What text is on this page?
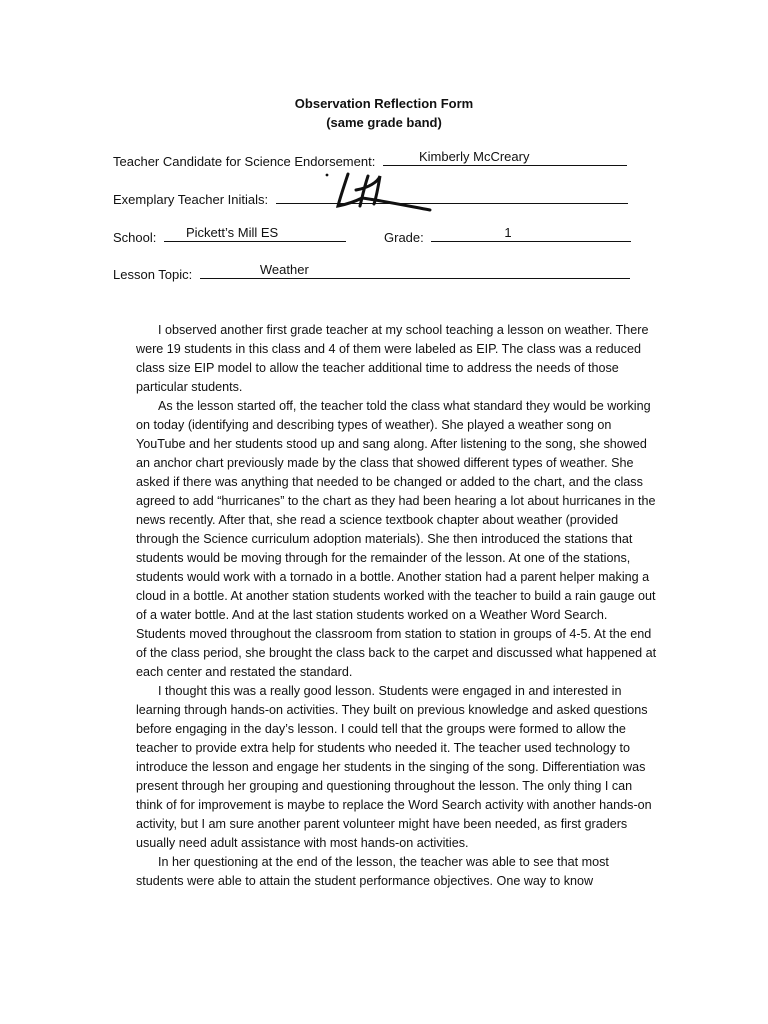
Observation Reflection Form
(same grade band)
Teacher Candidate for Science Endorsement:	Kimberly McCreary
Exemplary Teacher Initials:
School: Pickett’s Mill ES	Grade:	1
Lesson Topic:	Weather

I observed another first grade teacher at my school teaching a lesson on weather. There were 19 students in this class and 4 of them were labeled as EIP. The class was a reduced class size EIP model to allow the teacher additional time to address the needs of those particular students.

As the lesson started off, the teacher told the class what standard they would be working on today (identifying and describing types of weather). She played a weather song on YouTube and her students stood up and sang along. After listening to the song, she showed an anchor chart previously made by the class that showed different types of weather. She asked if there was anything that needed to be changed or added to the chart, and the class agreed to add “hurricanes” to the chart as they had been hearing a lot about hurricanes in the news recently. After that, she read a science textbook chapter about weather (provided through the Science curriculum adoption materials). She then introduced the stations that students would be moving through for the remainder of the lesson. At one of the stations, students would work with a tornado in a bottle. Another station had a parent helper making a cloud in a bottle. At another station students worked with the teacher to build a rain gauge out of a water bottle. And at the last station students worked on a Weather Word Search. Students moved throughout the classroom from station to station in groups of 4-5. At the end of the class period, she brought the class back to the carpet and discussed what happened at each center and restated the standard.

I thought this was a really good lesson. Students were engaged in and interested in learning through hands-on activities. They built on previous knowledge and asked questions before engaging in the day’s lesson. I could tell that the groups were formed to allow the teacher to provide extra help for students who needed it. The teacher used technology to introduce the lesson and engage her students in the singing of the song. Differentiation was present through her grouping and questioning throughout the lesson. The only thing I can think of for improvement is maybe to replace the Word Search activity with another hands-on activity, but I am sure another parent volunteer might have been needed, as first graders usually need adult assistance with most hands-on activities.

In her questioning at the end of the lesson, the teacher was able to see that most students were able to attain the student performance objectives. One way to know
